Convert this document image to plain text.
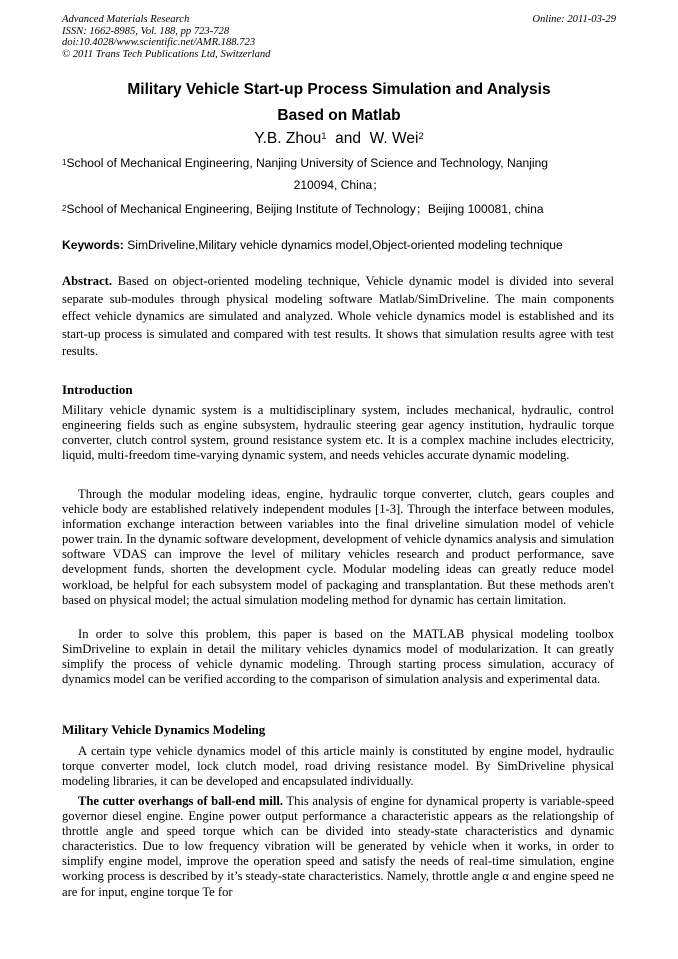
Advanced Materials Research
ISSN: 1662-8985, Vol. 188, pp 723-728
doi:10.4028/www.scientific.net/AMR.188.723
© 2011 Trans Tech Publications Ltd, Switzerland
Online: 2011-03-29
Military Vehicle Start-up Process Simulation and Analysis
Based on Matlab
Y.B. Zhou$^1$ and W. Wei$^2$
$^1$School of Mechanical Engineering, Nanjing University of Science and Technology, Nanjing
210094, China；
$^2$School of Mechanical Engineering, Beijing Institute of Technology；Beijing 100081, china
Keywords: SimDriveline,Military vehicle dynamics model,Object-oriented modeling technique

Abstract. Based on object-oriented modeling technique, Vehicle dynamic model is divided into several separate sub-modules through physical modeling software Matlab/SimDriveline. The main components effect vehicle dynamics are simulated and analyzed. Whole vehicle dynamics model is established and its start-up process is simulated and compared with test results. It shows that simulation results agree with test results.

Introduction

Military vehicle dynamic system is a multidisciplinary system, includes mechanical, hydraulic, control engineering fields such as engine subsystem, hydraulic steering gear agency institution, hydraulic torque converter, clutch control system, ground resistance system etc. It is a complex machine includes electricity, liquid, multi-freedom time-varying dynamic system, and needs vehicles accurate dynamic modeling.

Through the modular modeling ideas, engine, hydraulic torque converter, clutch, gears couples and vehicle body are established relatively independent modules [1-3]. Through the interface between modules, information exchange interaction between variables into the final driveline simulation model of vehicle power train. In the dynamic software development, development of vehicle dynamics analysis and simulation software VDAS can improve the level of military vehicles research and product performance, save development funds, shorten the development cycle. Modular modeling ideas can greatly reduce model workload, be helpful for each subsystem model of packaging and transplantation. But these methods aren't based on physical model; the actual simulation modeling method for dynamic has certain limitation.

In order to solve this problem, this paper is based on the MATLAB physical modeling toolbox SimDriveline to explain in detail the military vehicles dynamics model of modularization. It can greatly simplify the process of vehicle dynamic modeling. Through starting process simulation, accuracy of dynamics model can be verified according to the comparison of simulation analysis and experimental data.

Military Vehicle Dynamics Modeling

A certain type vehicle dynamics model of this article mainly is constituted by engine model, hydraulic torque converter model, lock clutch model, road driving resistance model. By SimDriveline physical modeling libraries, it can be developed and encapsulated individually.

The cutter overhangs of ball-end mill. This analysis of engine for dynamical property is variable-speed governor diesel engine. Engine power output performance a characteristic appears as the relationgship of throttle angle and speed torque which can be divided into steady-state characteristics and dynamic characteristics. Due to low frequency vibration will be generated by vehicle when it works, in order to simplify engine model, improve the operation speed and satisfy the needs of real-time simulation, engine working process is described by it’s steady-state characteristics. Namely, throttle angle α and engine speed ne are for input, engine torque Te for
